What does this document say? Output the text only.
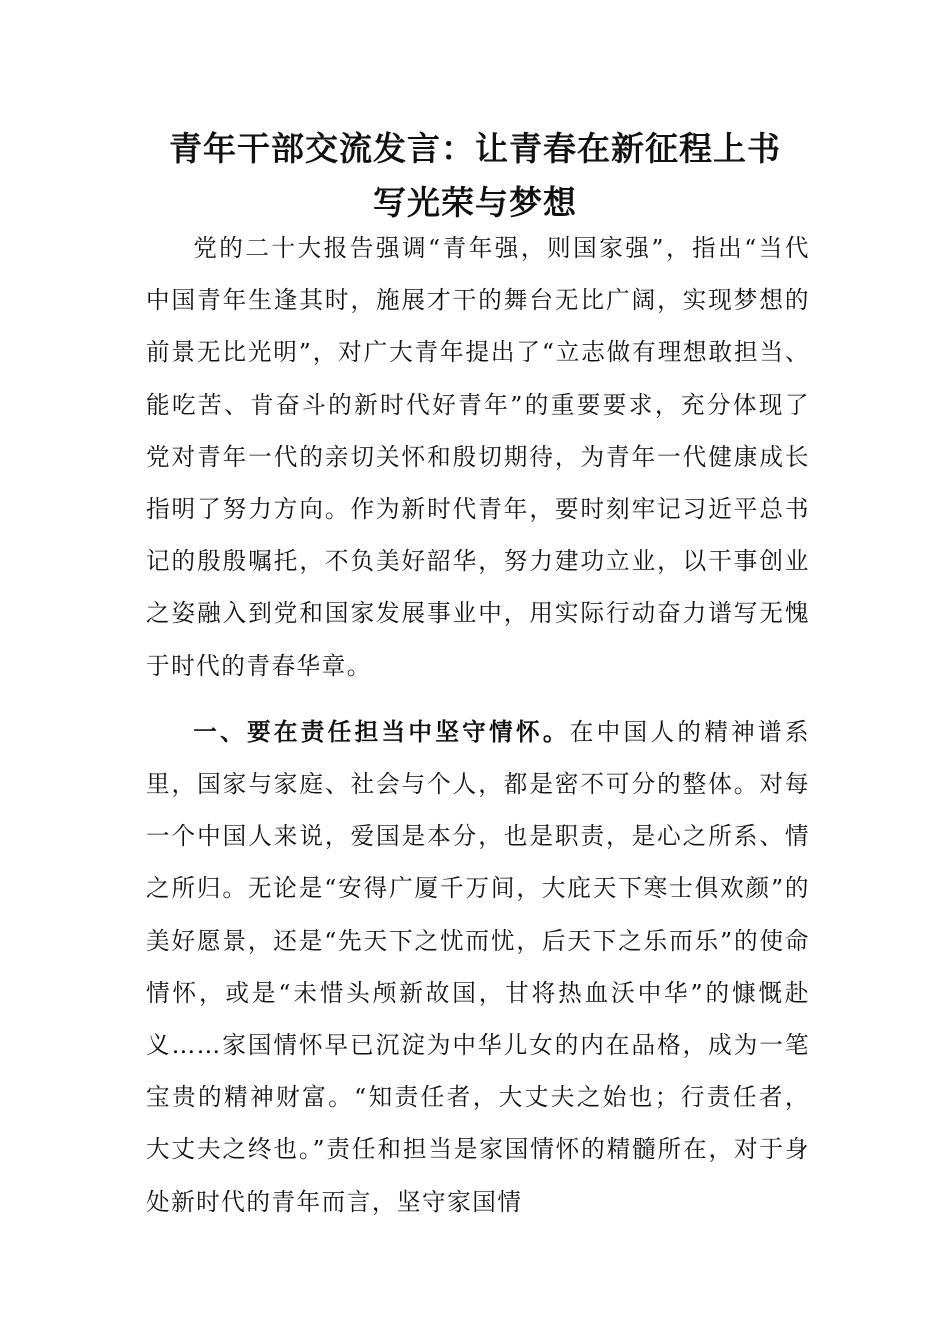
青年干部交流发言：让青春在新征程上书
写光荣与梦想

党的二十大报告强调“青年强，则国家强”，指出“当代中国青年生逢其时，施展才干的舞台无比广阔，实现梦想的前景无比光明”，对广大青年提出了“立志做有理想敢担当、能吃苦、肯奋斗的新时代好青年”的重要要求，充分体现了党对青年一代的亲切关怀和殷切期待，为青年一代健康成长指明了努力方向。作为新时代青年，要时刻牢记习近平总书记的殷殷嘱托，不负美好韶华，努力建功立业，以干事创业之姿融入到党和国家发展事业中，用实际行动奋力谱写无愧于时代的青春华章。

一、要在责任担当中坚守情怀。在中国人的精神谱系里，国家与家庭、社会与个人，都是密不可分的整体。对每一个中国人来说，爱国是本分，也是职责，是心之所系、情之所归。无论是“安得广厦千万间，大庇天下寒士俱欢颜”的美好愿景，还是“先天下之忧而忧，后天下之乐而乐”的使命情怀，或是“未惜头颅新故国，甘将热血沃中华”的慷慨赴义……家国情怀早已沉淀为中华儿女的内在品格，成为一笔宝贵的精神财富。“知责任者，大丈夫之始也；行责任者，大丈夫之终也。”责任和担当是家国情怀的精髓所在，对于身处新时代的青年而言，坚守家国情
